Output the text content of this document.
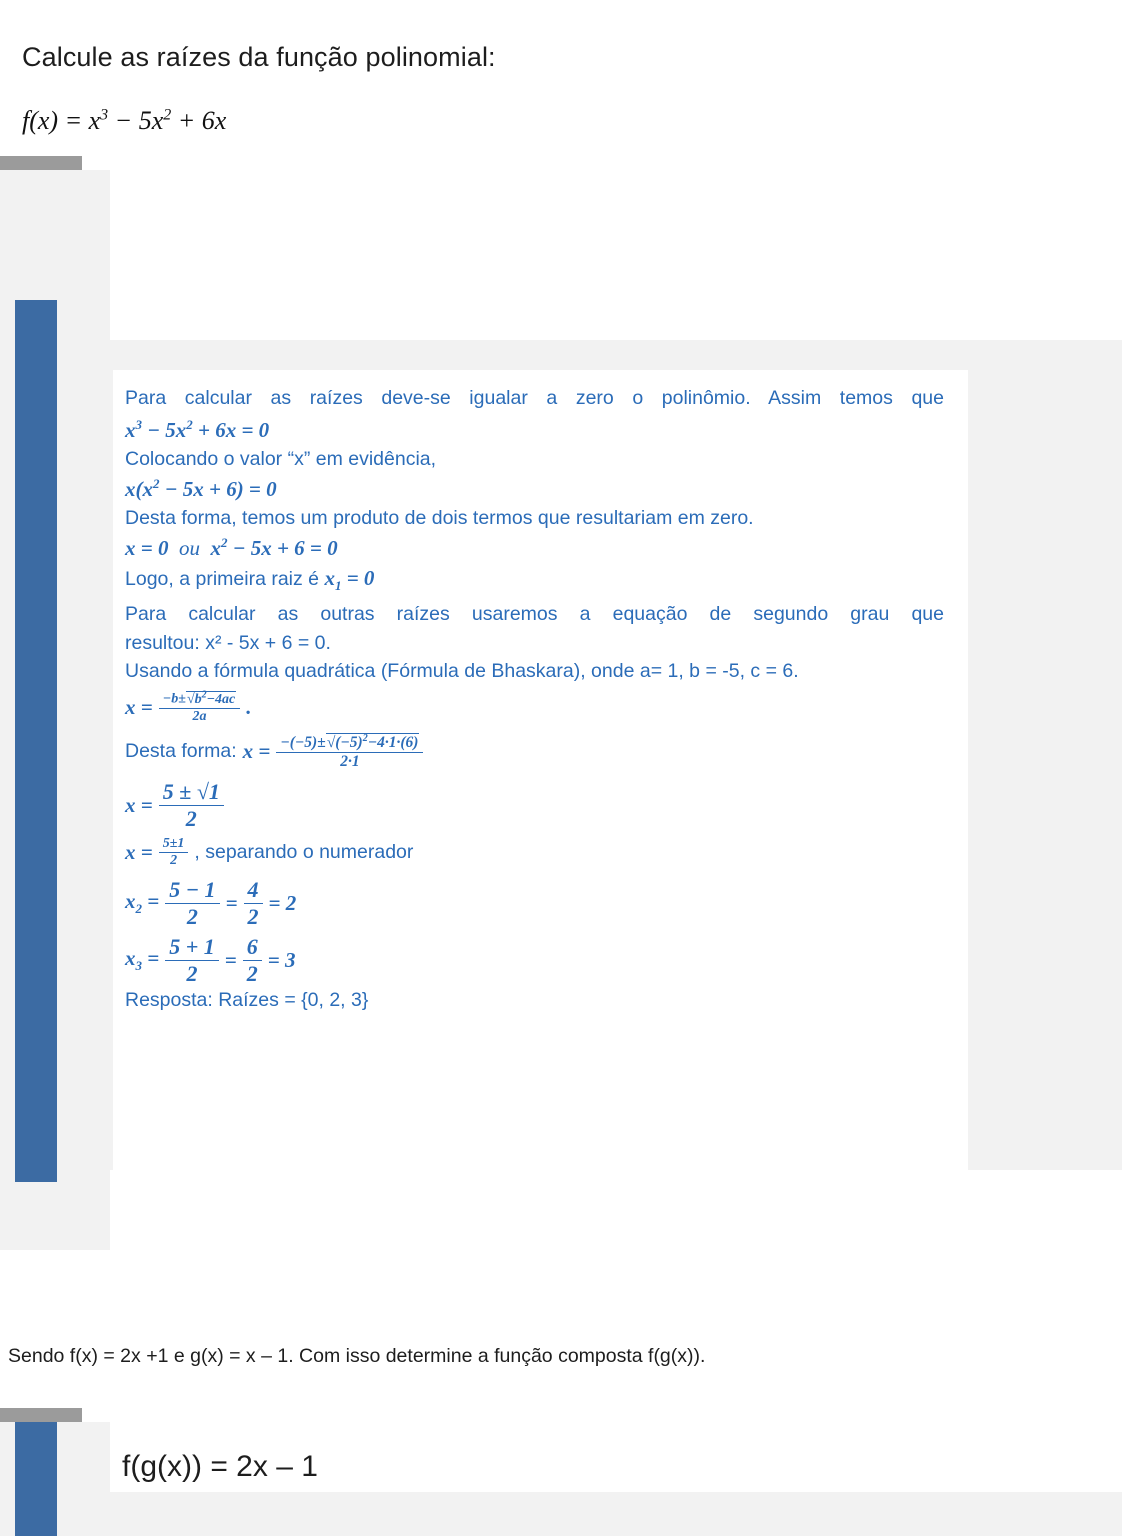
Calcule as raízes da função polinomial:
$f(x) = x^3 - 5x^2 + 6x$
Para calcular as raízes deve-se igualar a zero o polinômio. Assim temos que
$x^3 - 5x^2 + 6x = 0$
Colocando o valor “x” em evidência,
$x(x^2 - 5x + 6) = 0$
Desta forma, temos um produto de dois termos que resultariam em zero.
x = 0  ou  $x^2 - 5x + 6 = 0$
Logo, a primeira raiz é $x_1 = 0$
Para calcular as outras raízes usaremos a equação de segundo grau que
resultou: x² - 5x + 6 = 0.
Usando a fórmula quadrática (Fórmula de Bhaskara), onde a= 1, b = -5, c = 6.
$x = \frac{-b\pm√b^2-4ac}{2a}$ .
Desta forma: $x = \frac{-(-5)\pm√(-5)^2-4\cdot 1\cdot(6)}{2\cdot 1}$
$x = \frac{5 \pm √1}{2}$
$x = \frac{5\pm 1}{2}$ , separando o numerador
$x_2 = \frac{5 - 1}{2} = \frac{4}{2} = 2$
$x_3 = \frac{5 + 1}{2} = \frac{6}{2} = 3$
Resposta: Raízes = {0, 2, 3}
Sendo f(x) = 2x +1 e g(x) = x – 1. Com isso determine a função composta f(g(x)).
f(g(x)) = 2x – 1
